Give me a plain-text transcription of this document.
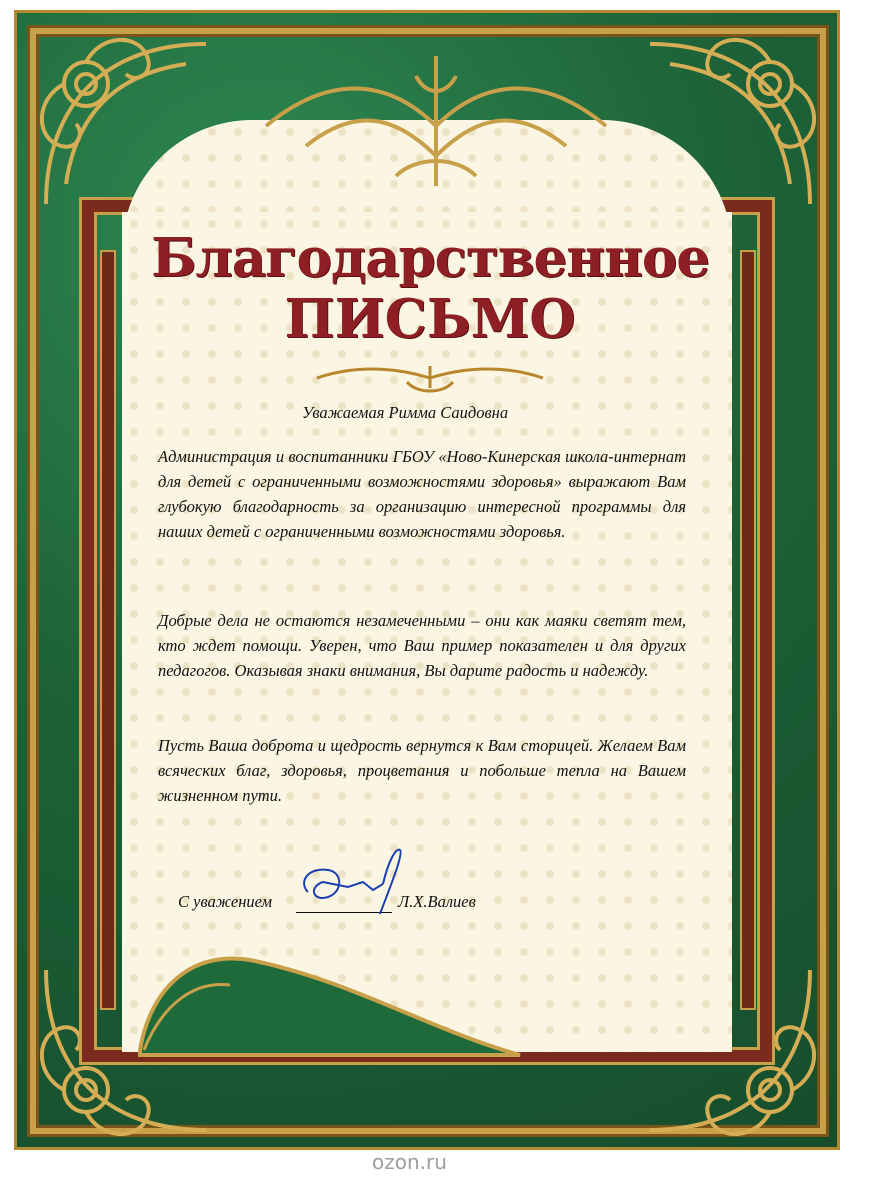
Благодарственное
ПИСЬМО
Уважаемая Римма Саидовна
Администрация и воспитанники ГБОУ «Ново-Кинерская школа-интернат для детей с ограниченными возможностями здоровья» выражают Вам глубокую благодарность за организацию интересной программы для наших детей с ограниченными возможностями здоровья.
Добрые дела не остаются незамеченными – они как маяки светят тем, кто ждет помощи. Уверен, что Ваш пример показателен и для других педагогов. Оказывая знаки внимания, Вы дарите радость и надежду.
Пусть Ваша доброта и щедрость вернутся к Вам сторицей. Желаем Вам всяческих благ, здоровья, процветания и побольше тепла на Вашем жизненном пути.
С уважением	Л.Х.Валиев
ozon.ru
